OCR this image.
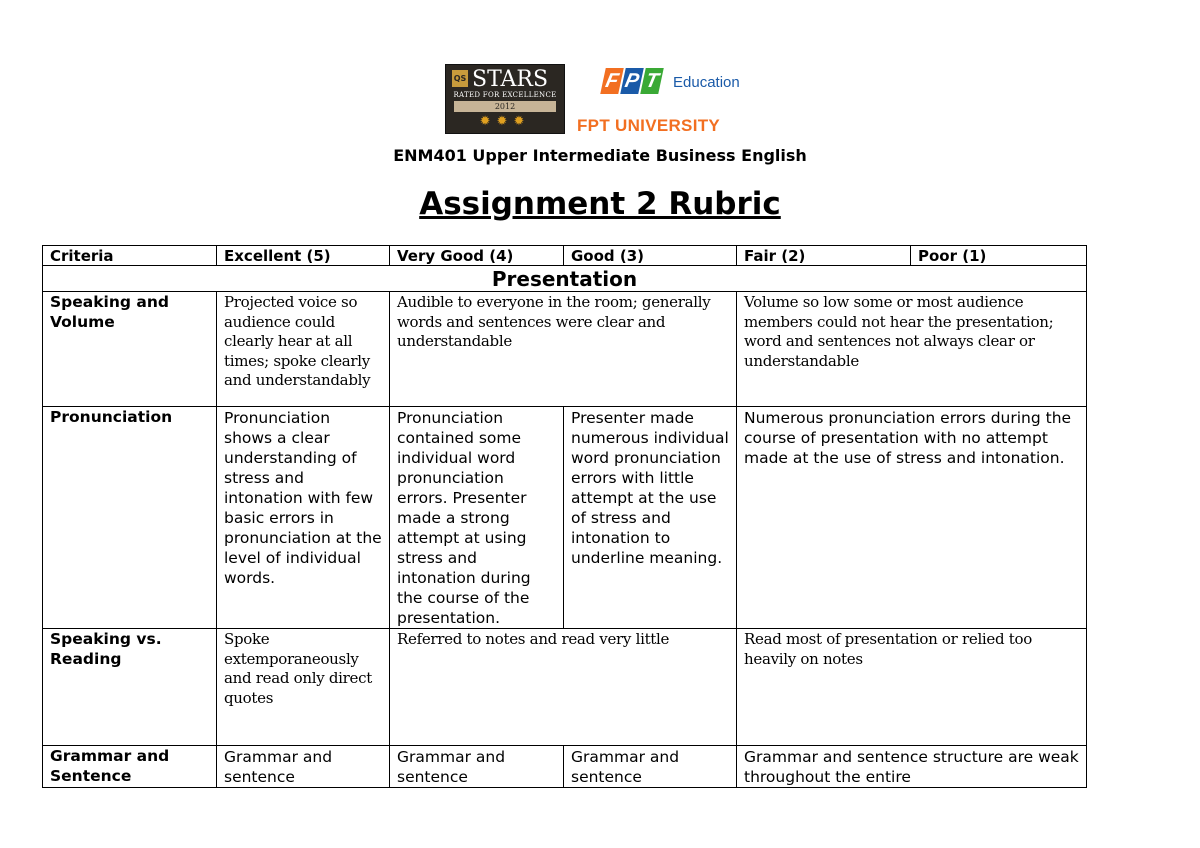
QS STARS
RATED FOR EXCELLENCE
2012
✹✹✹
F P T Education
FPT UNIVERSITY
ENM401 Upper Intermediate Business English
Assignment 2 Rubric
Criteria	Excellent (5)	Very Good (4)	Good (3)	Fair (2)	Poor (1)
Presentation					
Speaking and Volume	Projected voice so audience could clearly hear at all times; spoke clearly and understandably	Audible to everyone in the room; generally words and sentences were clear and understandable		Volume so low some or most audience members could not hear the presentation; word and sentences not always clear or understandable	
Pronunciation	Pronunciation shows a clear understanding of stress and intonation with few basic errors in pronunciation at the level of individual words.	Pronunciation contained some individual word pronunciation errors. Presenter made a strong attempt at using stress and intonation during the course of the presentation.	Presenter made numerous individual word pronunciation errors with little attempt at the use of stress and intonation to underline meaning.	Numerous pronunciation errors during the course of presentation with no attempt made at the use of stress and intonation.	
Speaking vs. Reading	Spoke extemporaneously and read only direct quotes	Referred to notes and read very little		Read most of presentation or relied too heavily on notes	
Grammar and Sentence	Grammar and sentence	Grammar and sentence	Grammar and sentence	Grammar and sentence structure are weak throughout the entire	
